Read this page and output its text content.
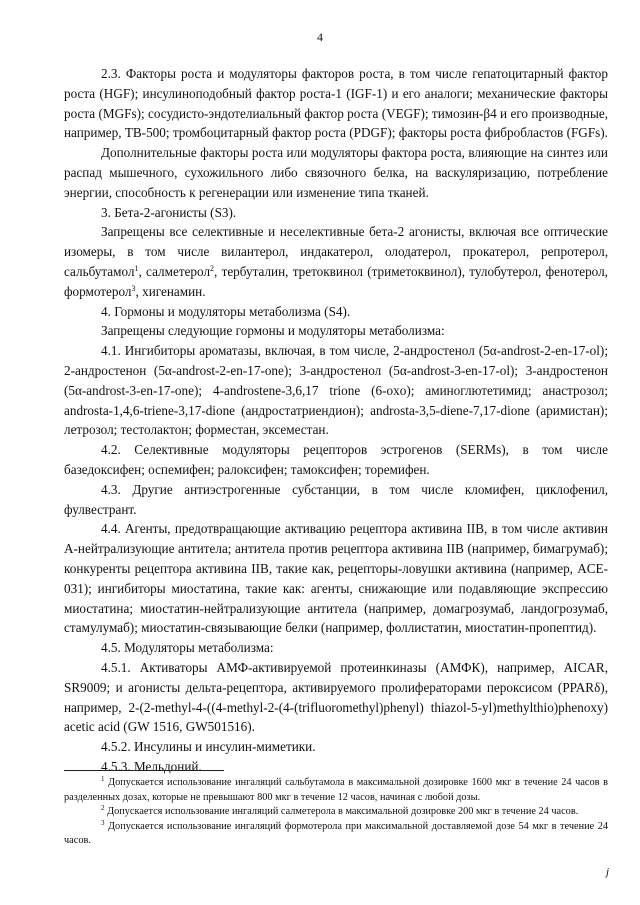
4

2.3. Факторы роста и модуляторы факторов роста, в том числе гепатоцитарный фактор роста (HGF); инсулиноподобный фактор роста-1 (IGF-1) и его аналоги; механические факторы роста (MGFs); сосудисто-эндотелиальный фактор роста (VEGF); тимозин-β4 и его производные, например, TB-500; тромбоцитарный фактор роста (PDGF); факторы роста фибробластов (FGFs).

Дополнительные факторы роста или модуляторы фактора роста, влияющие на синтез или распад мышечного, сухожильного либо связочного белка, на васкуляризацию, потребление энергии, способность к регенерации или изменение типа тканей.

3. Бета-2-агонисты (S3).

Запрещены все селективные и неселективные бета-2 агонисты, включая все оптические изомеры, в том числе вилантерол, индакатерол, олодатерол, прокатерол, репротерол, сальбутамол$^1$, салметерол$^2$, тербуталин, третоквинол (триметоквинол), тулобутерол, фенотерол, формотерол$^3$, хигенамин.

4. Гормоны и модуляторы метаболизма (S4).

Запрещены следующие гормоны и модуляторы метаболизма:

4.1. Ингибиторы ароматазы, включая, в том числе, 2-андростенол (5α-androst-2-en-17-ol); 2-андростенон (5α-androst-2-en-17-one); 3-андростенол (5α-androst-3-en-17-ol); 3-андростенон (5α-androst-3-en-17-one); 4-androstene-3,6,17 trione (6-oxo); аминоглютетимид; анастрозол; androsta-1,4,6-triene-3,17-dione (андростатриендион); androsta-3,5-diene-7,17-dione (аримистан); летрозол; тестолактон; форместан, эксеместан.

4.2. Селективные модуляторы рецепторов эстрогенов (SERMs), в том числе базедоксифен; оспемифен; ралоксифен; тамоксифен; торемифен.

4.3. Другие антиэстрогенные субстанции, в том числе кломифен, циклофенил, фулвестрант.

4.4. Агенты, предотвращающие активацию рецептора активина IIB, в том числе активин А-нейтрализующие антитела; антитела против рецептора активина IIB (например, бимагрумаб); конкуренты рецептора активина IIB, такие как, рецепторы-ловушки активина (например, ACE-031); ингибиторы миостатина, такие как: агенты, снижающие или подавляющие экспрессию миостатина; миостатин-нейтрализующие антитела (например, домагрозумаб, ландогрозумаб, стамулумаб); миостатин-связывающие белки (например, фоллистатин, миостатин-пропептид).

4.5. Модуляторы метаболизма:

4.5.1. Активаторы АМФ-активируемой протеинкиназы (АМФК), например, AICAR, SR9009; и агонисты дельта-рецептора, активируемого пролифераторами пероксисом (PPARδ), например, 2-(2-methyl-4-((4-methyl-2-(4-(trifluoromethyl)phenyl) thiazol-5-yl)methylthio)phenoxy) acetic acid (GW 1516, GW501516).

4.5.2. Инсулины и инсулин-миметики.

4.5.3. Мельдоний.

$^1$ Допускается использование ингаляций сальбутамола в максимальной дозировке 1600 мкг в течение 24 часов в разделенных дозах, которые не превышают 800 мкг в течение 12 часов, начиная с любой дозы.

$^2$ Допускается использование ингаляций салметерола в максимальной дозировке 200 мкг в течение 24 часов.

$^3$ Допускается использование ингаляций формотерола при максимальной доставляемой дозе 54 мкг в течение 24 часов.

j
